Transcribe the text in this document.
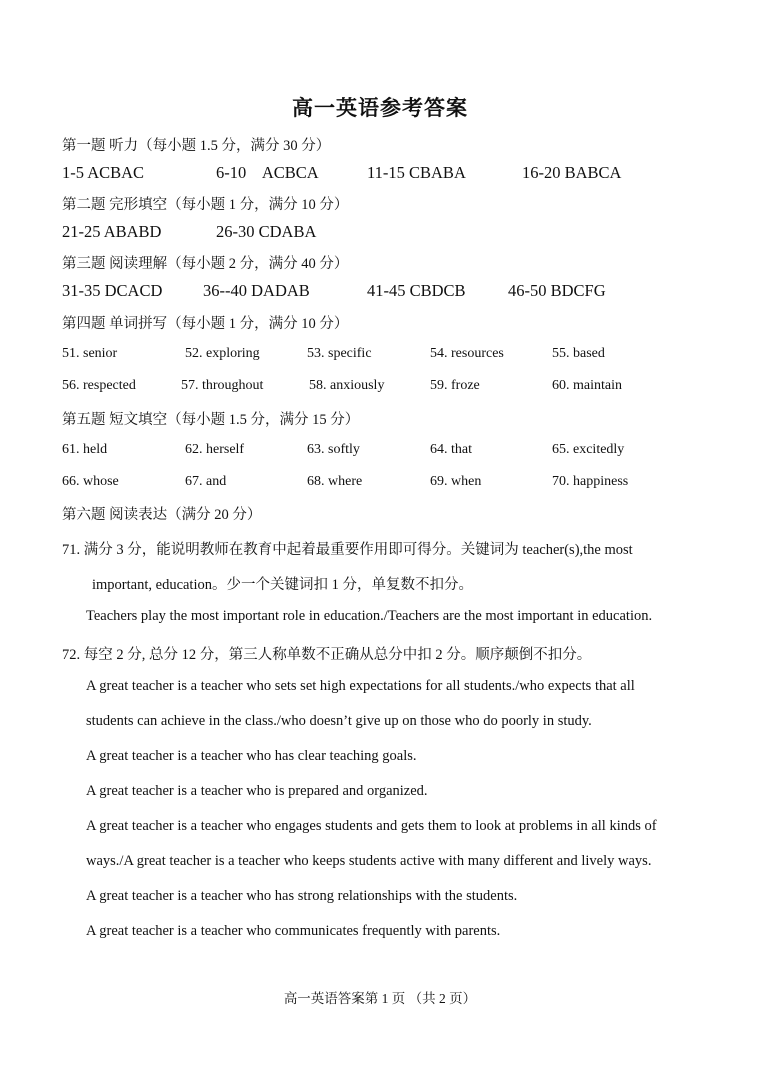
高一英语参考答案
第一题 听力（每小题 1.5 分，满分 30 分）
1-5 ACBAC	6-10    ACBCA	11-15 CBABA	16-20 BABCA
第二题 完形填空（每小题 1 分，满分 10 分）
21-25 ABABD	26-30 CDABA
第三题 阅读理解（每小题 2 分，满分 40 分）
31-35 DCACD 36--40 DADAB	41-45 CBDCB	46-50 BDCFG
第四题 单词拼写（每小题 1 分，满分 10 分）
51. senior	52. exploring	53. specific	54. resources	55. based
56. respected	57. throughout	58. anxiously	59. froze	60. maintain
第五题 短文填空（每小题 1.5 分，满分 15 分）
61. held	62. herself	63. softly	64. that	65. excitedly
66. whose	67. and	68. where	69. when	70. happiness
第六题 阅读表达（满分 20 分）
71. 满分 3 分，能说明教师在教育中起着最重要作用即可得分。关键词为 teacher(s),the most
important, education。少一个关键词扣 1 分，单复数不扣分。
Teachers play the most important role in education./Teachers are the most important in education.
72. 每空 2 分, 总分 12 分，第三人称单数不正确从总分中扣 2 分。顺序颠倒不扣分。
A great teacher is a teacher who sets set high expectations for all students./who expects that all
students can achieve in the class./who doesn’t give up on those who do poorly in study.
A great teacher is a teacher who has clear teaching goals.
A great teacher is a teacher who is prepared and organized.
A great teacher is a teacher who engages students and gets them to look at problems in all kinds of
ways./A great teacher is a teacher who keeps students active with many different and lively ways.
A great teacher is a teacher who has strong relationships with the students.
A great teacher is a teacher who communicates frequently with parents.
高一英语答案第 1 页 （共 2 页）
